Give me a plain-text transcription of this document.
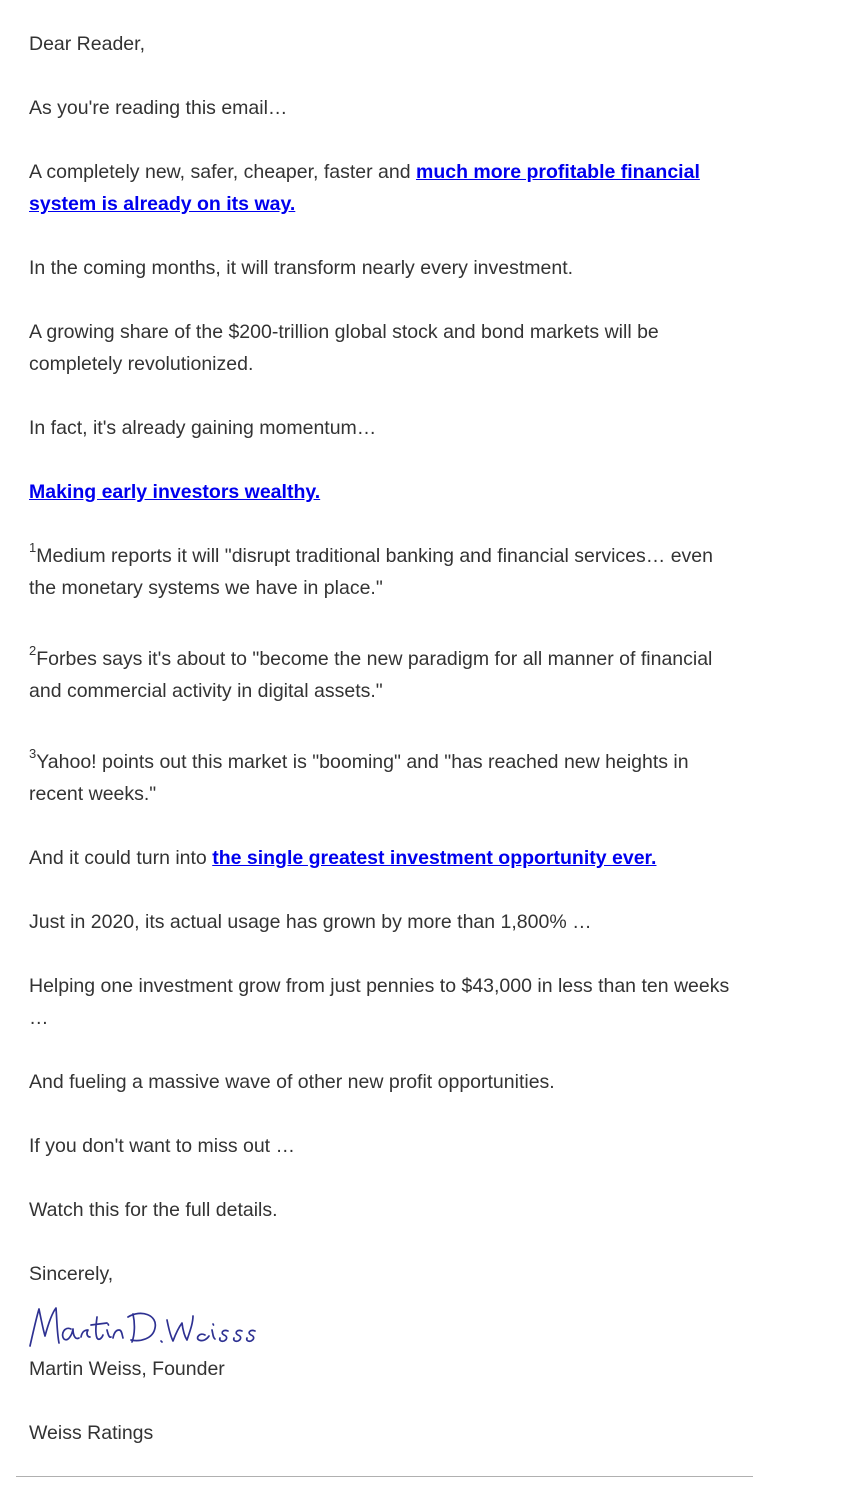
Dear Reader,

As you're reading this email…

A completely new, safer, cheaper, faster and much more profitable financial system is already on its way.

In the coming months, it will transform nearly every investment.

A growing share of the $200-trillion global stock and bond markets will be completely revolutionized.

In fact, it's already gaining momentum…

Making early investors wealthy.

$^1$Medium reports it will "disrupt traditional banking and financial services… even the monetary systems we have in place."

$^2$Forbes says it's about to "become the new paradigm for all manner of financial and commercial activity in digital assets."

$^3$Yahoo! points out this market is "booming" and "has reached new heights in recent weeks."

And it could turn into the single greatest investment opportunity ever.

Just in 2020, its actual usage has grown by more than 1,800% …

Helping one investment grow from just pennies to $43,000 in less than ten weeks …

And fueling a massive wave of other new profit opportunities.

If you don't want to miss out …

Watch this for the full details.

Sincerely,

Martin Weiss, Founder

Weiss Ratings
